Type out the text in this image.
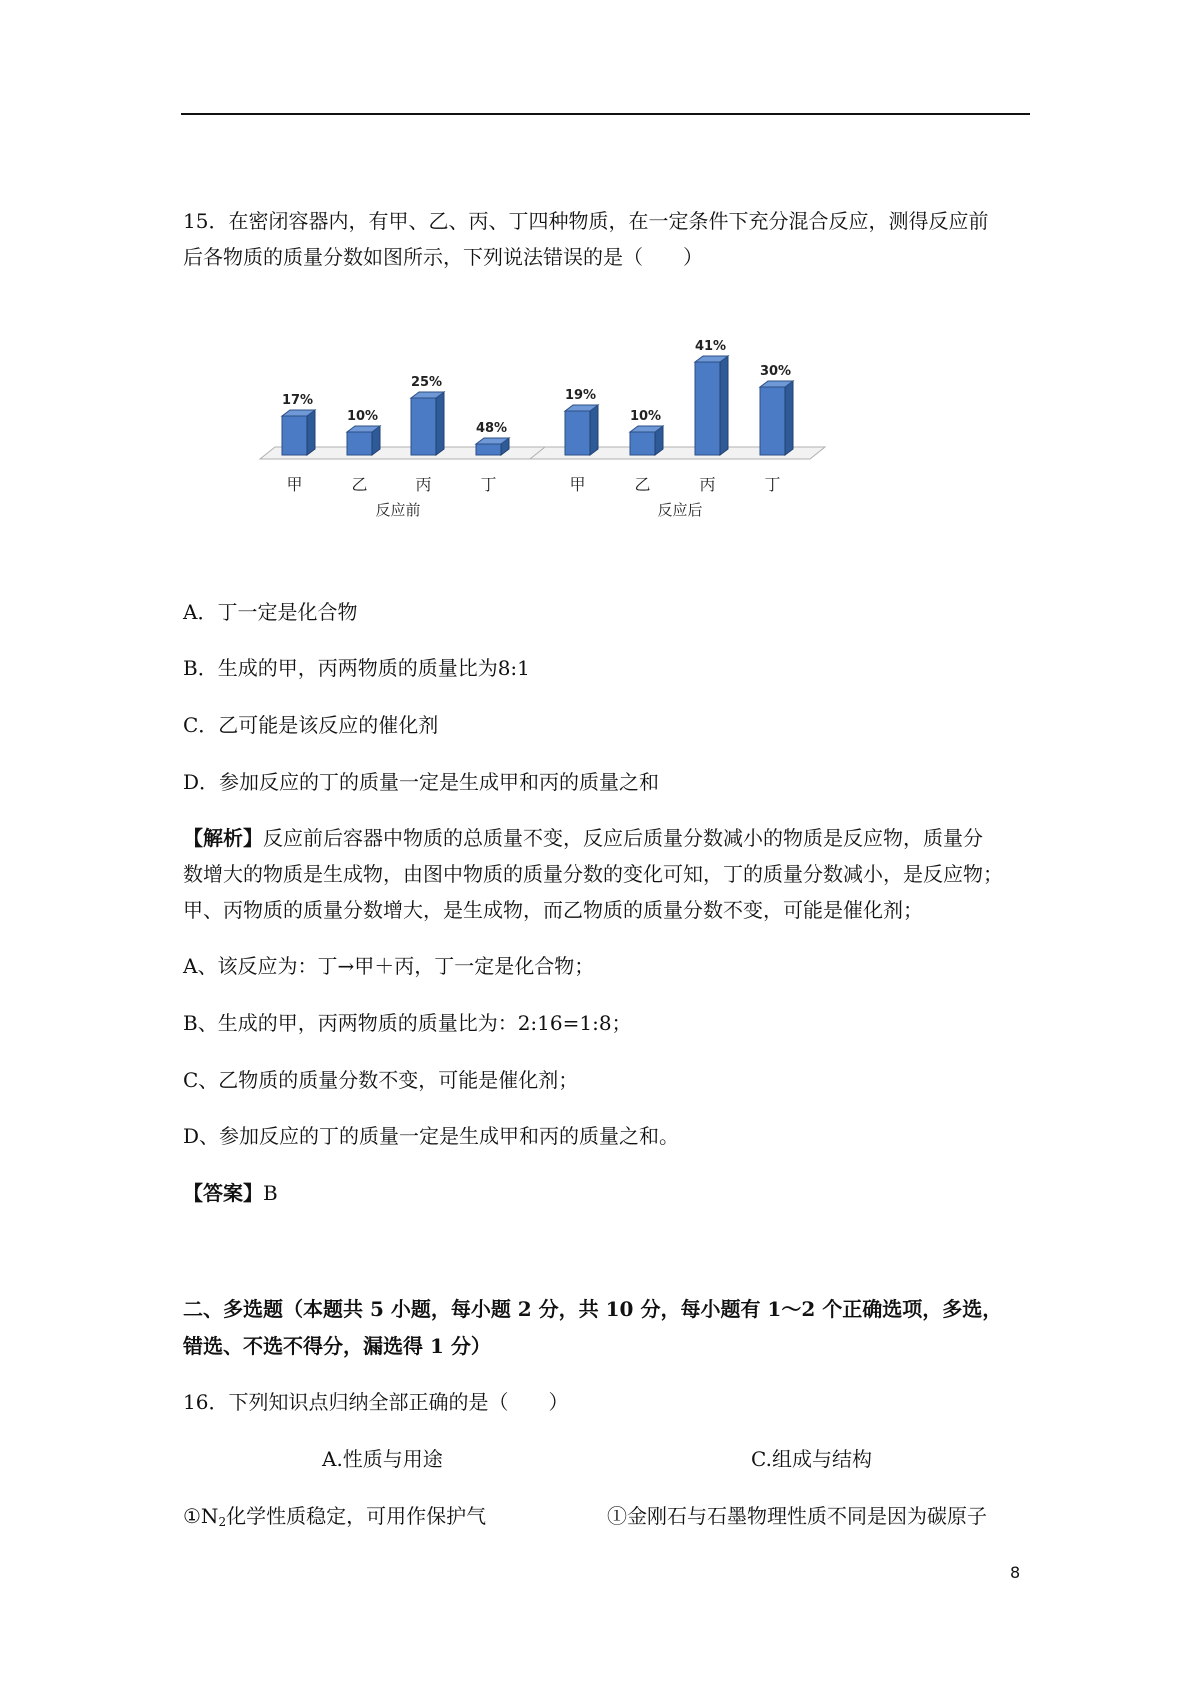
15．在密闭容器内，有甲、乙、丙、丁四种物质，在一定条件下充分混合反应，测得反应前
后各物质的质量分数如图所示，下列说法错误的是（　　）
17%
甲
10%
乙
25%
丙
48%
丁
反应前
19%
甲
10%
乙
41%
丙
30%
丁
反应后
A．丁一定是化合物
B．生成的甲，丙两物质的质量比为8:1
C．乙可能是该反应的催化剂
D．参加反应的丁的质量一定是生成甲和丙的质量之和
【解析】反应前后容器中物质的总质量不变，反应后质量分数减小的物质是反应物，质量分
数增大的物质是生成物，由图中物质的质量分数的变化可知，丁的质量分数减小，是反应物；
甲、丙物质的质量分数增大，是生成物，而乙物质的质量分数不变，可能是催化剂；
A、该反应为：丁→甲＋丙，丁一定是化合物；
B、生成的甲，丙两物质的质量比为：2:16=1:8；
C、乙物质的质量分数不变，可能是催化剂；
D、参加反应的丁的质量一定是生成甲和丙的质量之和。
【答案】B
二、多选题（本题共 5 小题，每小题 2 分，共 10 分，每小题有 1～2 个正确选项，多选，
错选、不选不得分，漏选得 1 分）
16．下列知识点归纳全部正确的是（　　）
A.性质与用途	C.组成与结构
$①N_2$化学性质稳定，可用作保护气	①金刚石与石墨物理性质不同是因为碳原子
8
